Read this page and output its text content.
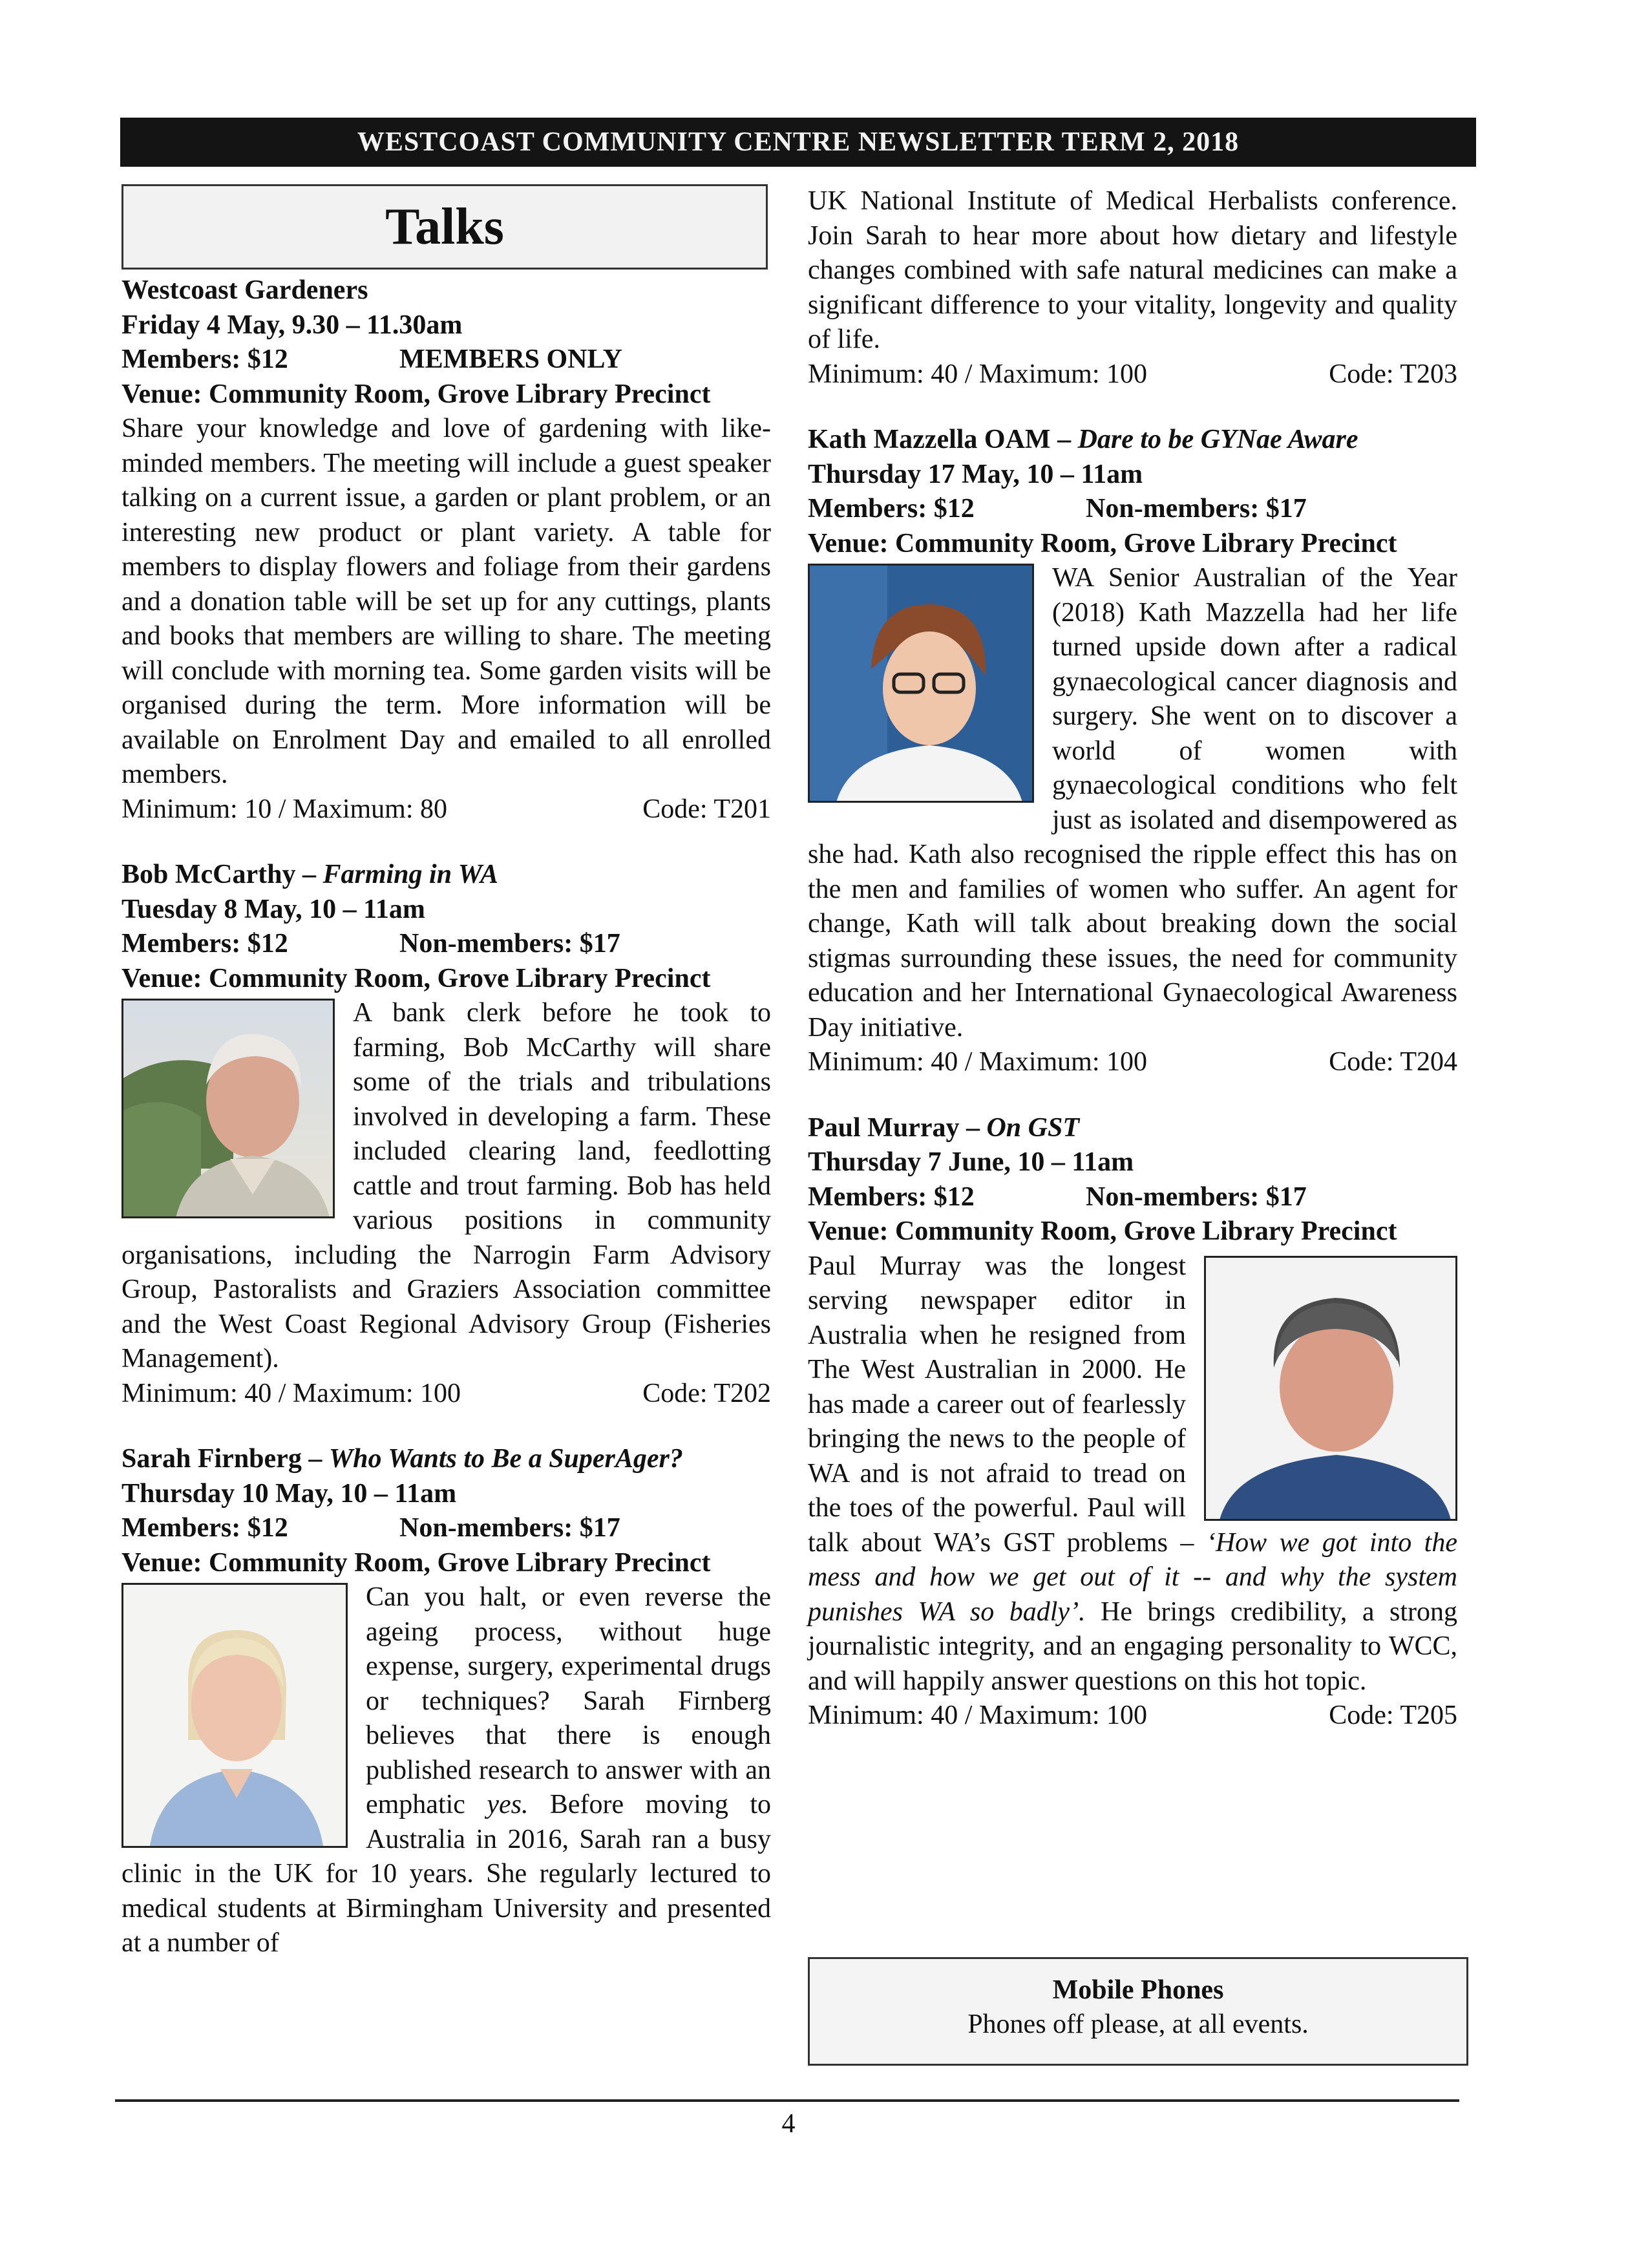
WESTCOAST COMMUNITY CENTRE NEWSLETTER TERM 2, 2018
Talks
Westcoast Gardeners
Friday 4 May, 9.30 – 11.30am
Members: $12	MEMBERS ONLY
Venue: Community Room, Grove Library Precinct
Share your knowledge and love of gardening with like-minded members. The meeting will include a guest speaker talking on a current issue, a garden or plant problem, or an interesting new product or plant variety. A table for members to display flowers and foliage from their gardens and a donation table will be set up for any cuttings, plants and books that members are willing to share. The meeting will conclude with morning tea. Some garden visits will be organised during the term. More information will be available on Enrolment Day and emailed to all enrolled members.
Minimum: 10 / Maximum: 80	Code: T201
Bob McCarthy – Farming in WA
Tuesday 8 May, 10 – 11am
Members: $12	Non-members: $17
Venue: Community Room, Grove Library Precinct
A bank clerk before he took to farming, Bob McCarthy will share some of the trials and tribulations involved in developing a farm. These included clearing land, feedlotting cattle and trout farming. Bob has held various positions in community organisations, including the Narrogin Farm Advisory Group, Pastoralists and Graziers Association committee and the West Coast Regional Advisory Group (Fisheries Management).
Minimum: 40 / Maximum: 100	Code: T202
Sarah Firnberg – Who Wants to Be a SuperAger?
Thursday 10 May, 10 – 11am
Members: $12	Non-members: $17
Venue: Community Room, Grove Library Precinct
Can you halt, or even reverse the ageing process, without huge expense, surgery, experimental drugs or techniques? Sarah Firnberg believes that there is enough published research to answer with an emphatic yes. Before moving to Australia in 2016, Sarah ran a busy clinic in the UK for 10 years. She regularly lectured to medical students at Birmingham University and presented at a number of
UK National Institute of Medical Herbalists conference. Join Sarah to hear more about how dietary and lifestyle changes combined with safe natural medicines can make a significant difference to your vitality, longevity and quality of life.
Minimum: 40 / Maximum: 100	Code: T203
Kath Mazzella OAM – Dare to be GYNae Aware
Thursday 17 May, 10 – 11am
Members: $12	Non-members: $17
Venue: Community Room, Grove Library Precinct
WA Senior Australian of the Year (2018) Kath Mazzella had her life turned upside down after a radical gynaecological cancer diagnosis and surgery. She went on to discover a world of women with gynaecological conditions who felt just as isolated and disempowered as she had. Kath also recognised the ripple effect this has on the men and families of women who suffer. An agent for change, Kath will talk about breaking down the social stigmas surrounding these issues, the need for community education and her International Gynaecological Awareness Day initiative.
Minimum: 40 / Maximum: 100	Code: T204
Paul Murray – On GST
Thursday 7 June, 10 – 11am
Members: $12	Non-members: $17
Venue: Community Room, Grove Library Precinct
Paul Murray was the longest serving newspaper editor in Australia when he resigned from The West Australian in 2000. He has made a career out of fearlessly bringing the news to the people of WA and is not afraid to tread on the toes of the powerful. Paul will talk about WA’s GST problems – ‘How we got into the mess and how we get out of it -- and why the system punishes WA so badly’. He brings credibility, a strong journalistic integrity, and an engaging personality to WCC, and will happily answer questions on this hot topic.
Minimum: 40 / Maximum: 100	Code: T205
Mobile Phones
Phones off please, at all events.
4
